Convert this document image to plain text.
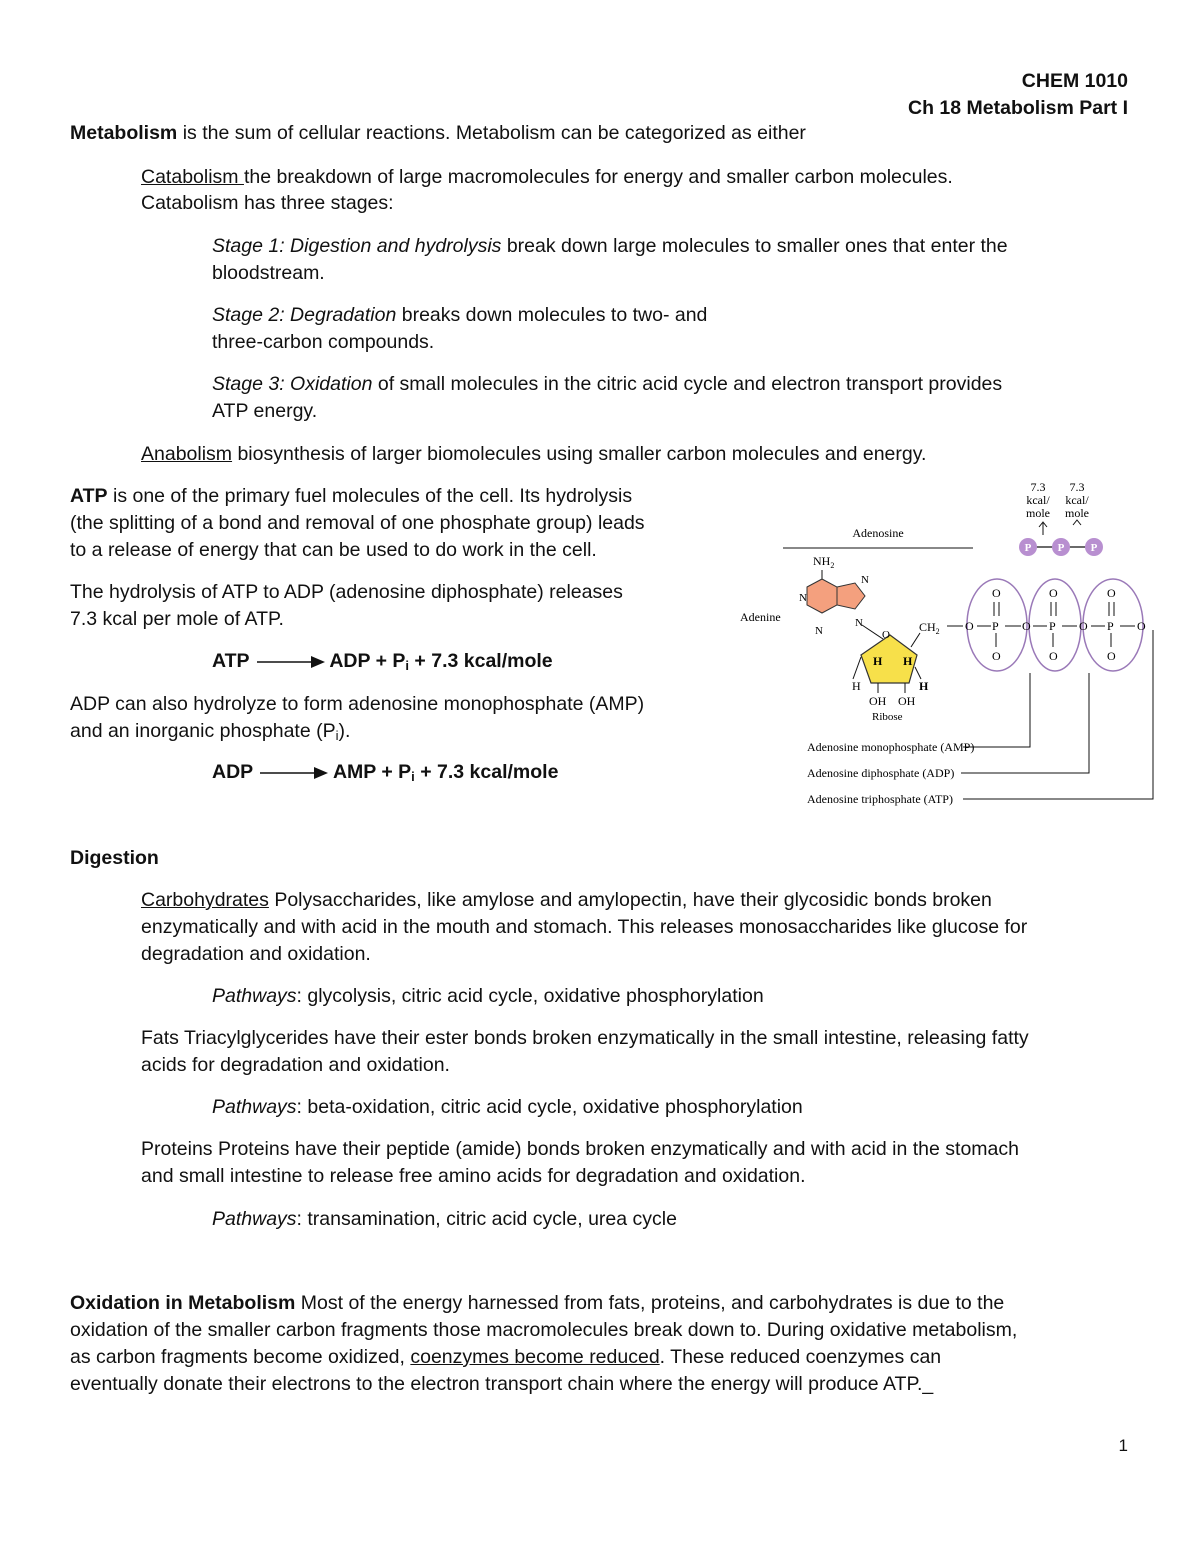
CHEM 1010
Ch 18 Metabolism Part I

Metabolism is the sum of cellular reactions. Metabolism can be categorized as either

Catabolism the breakdown of large macromolecules for energy and smaller carbon molecules.

Catabolism has three stages:

Stage 1: Digestion and hydrolysis break down large molecules to smaller ones that enter the

bloodstream.

Stage 2: Degradation breaks down molecules to two- and

three-carbon compounds.

Stage 3: Oxidation of small molecules in the citric acid cycle and electron transport provides

ATP energy.

Anabolism biosynthesis of larger biomolecules using smaller carbon molecules and energy.

ATP is one of the primary fuel molecules of the cell. Its hydrolysis

(the splitting of a bond and removal of one phosphate group) leads

to a release of energy that can be used to do work in the cell.

The hydrolysis of ATP to ADP (adenosine diphosphate) releases

7.3 kcal per mole of ATP.

ATP → ADP + $P_i + 7.3$ kcal/mole

ADP can also hydrolyze to form adenosine monophosphate (AMP)

and an inorganic phosphate $(P_i)$.

ADP → AMP + $P_i + 7.3$ kcal/mole
7.3
kcal/
mole
7.3
kcal/
mole
P P P
Adenosine
$NH_2$
N
N
N
N
Adenine
O
H H
H	H
OH OH
Ribose
$CH_2$ O P O P O P O
O	O	O
O	O	O
Adenosine monophosphate (AMP)
Adenosine diphosphate (ADP)
Adenosine triphosphate (ATP)

Digestion

Carbohydrates Polysaccharides, like amylose and amylopectin, have their glycosidic bonds broken

enzymatically and with acid in the mouth and stomach. This releases monosaccharides like glucose for

degradation and oxidation.

Pathways: glycolysis, citric acid cycle, oxidative phosphorylation

Fats Triacylglycerides have their ester bonds broken enzymatically in the small intestine, releasing fatty

acids for degradation and oxidation.

Pathways: beta-oxidation, citric acid cycle, oxidative phosphorylation

Proteins Proteins have their peptide (amide) bonds broken enzymatically and with acid in the stomach

and small intestine to release free amino acids for degradation and oxidation.

Pathways: transamination, citric acid cycle, urea cycle

Oxidation in Metabolism Most of the energy harnessed from fats, proteins, and carbohydrates is due to the

oxidation of the smaller carbon fragments those macromolecules break down to. During oxidative metabolism,

as carbon fragments become oxidized, coenzymes become reduced. These reduced coenzymes can

eventually donate their electrons to the electron transport chain where the energy will produce ATP._

1
